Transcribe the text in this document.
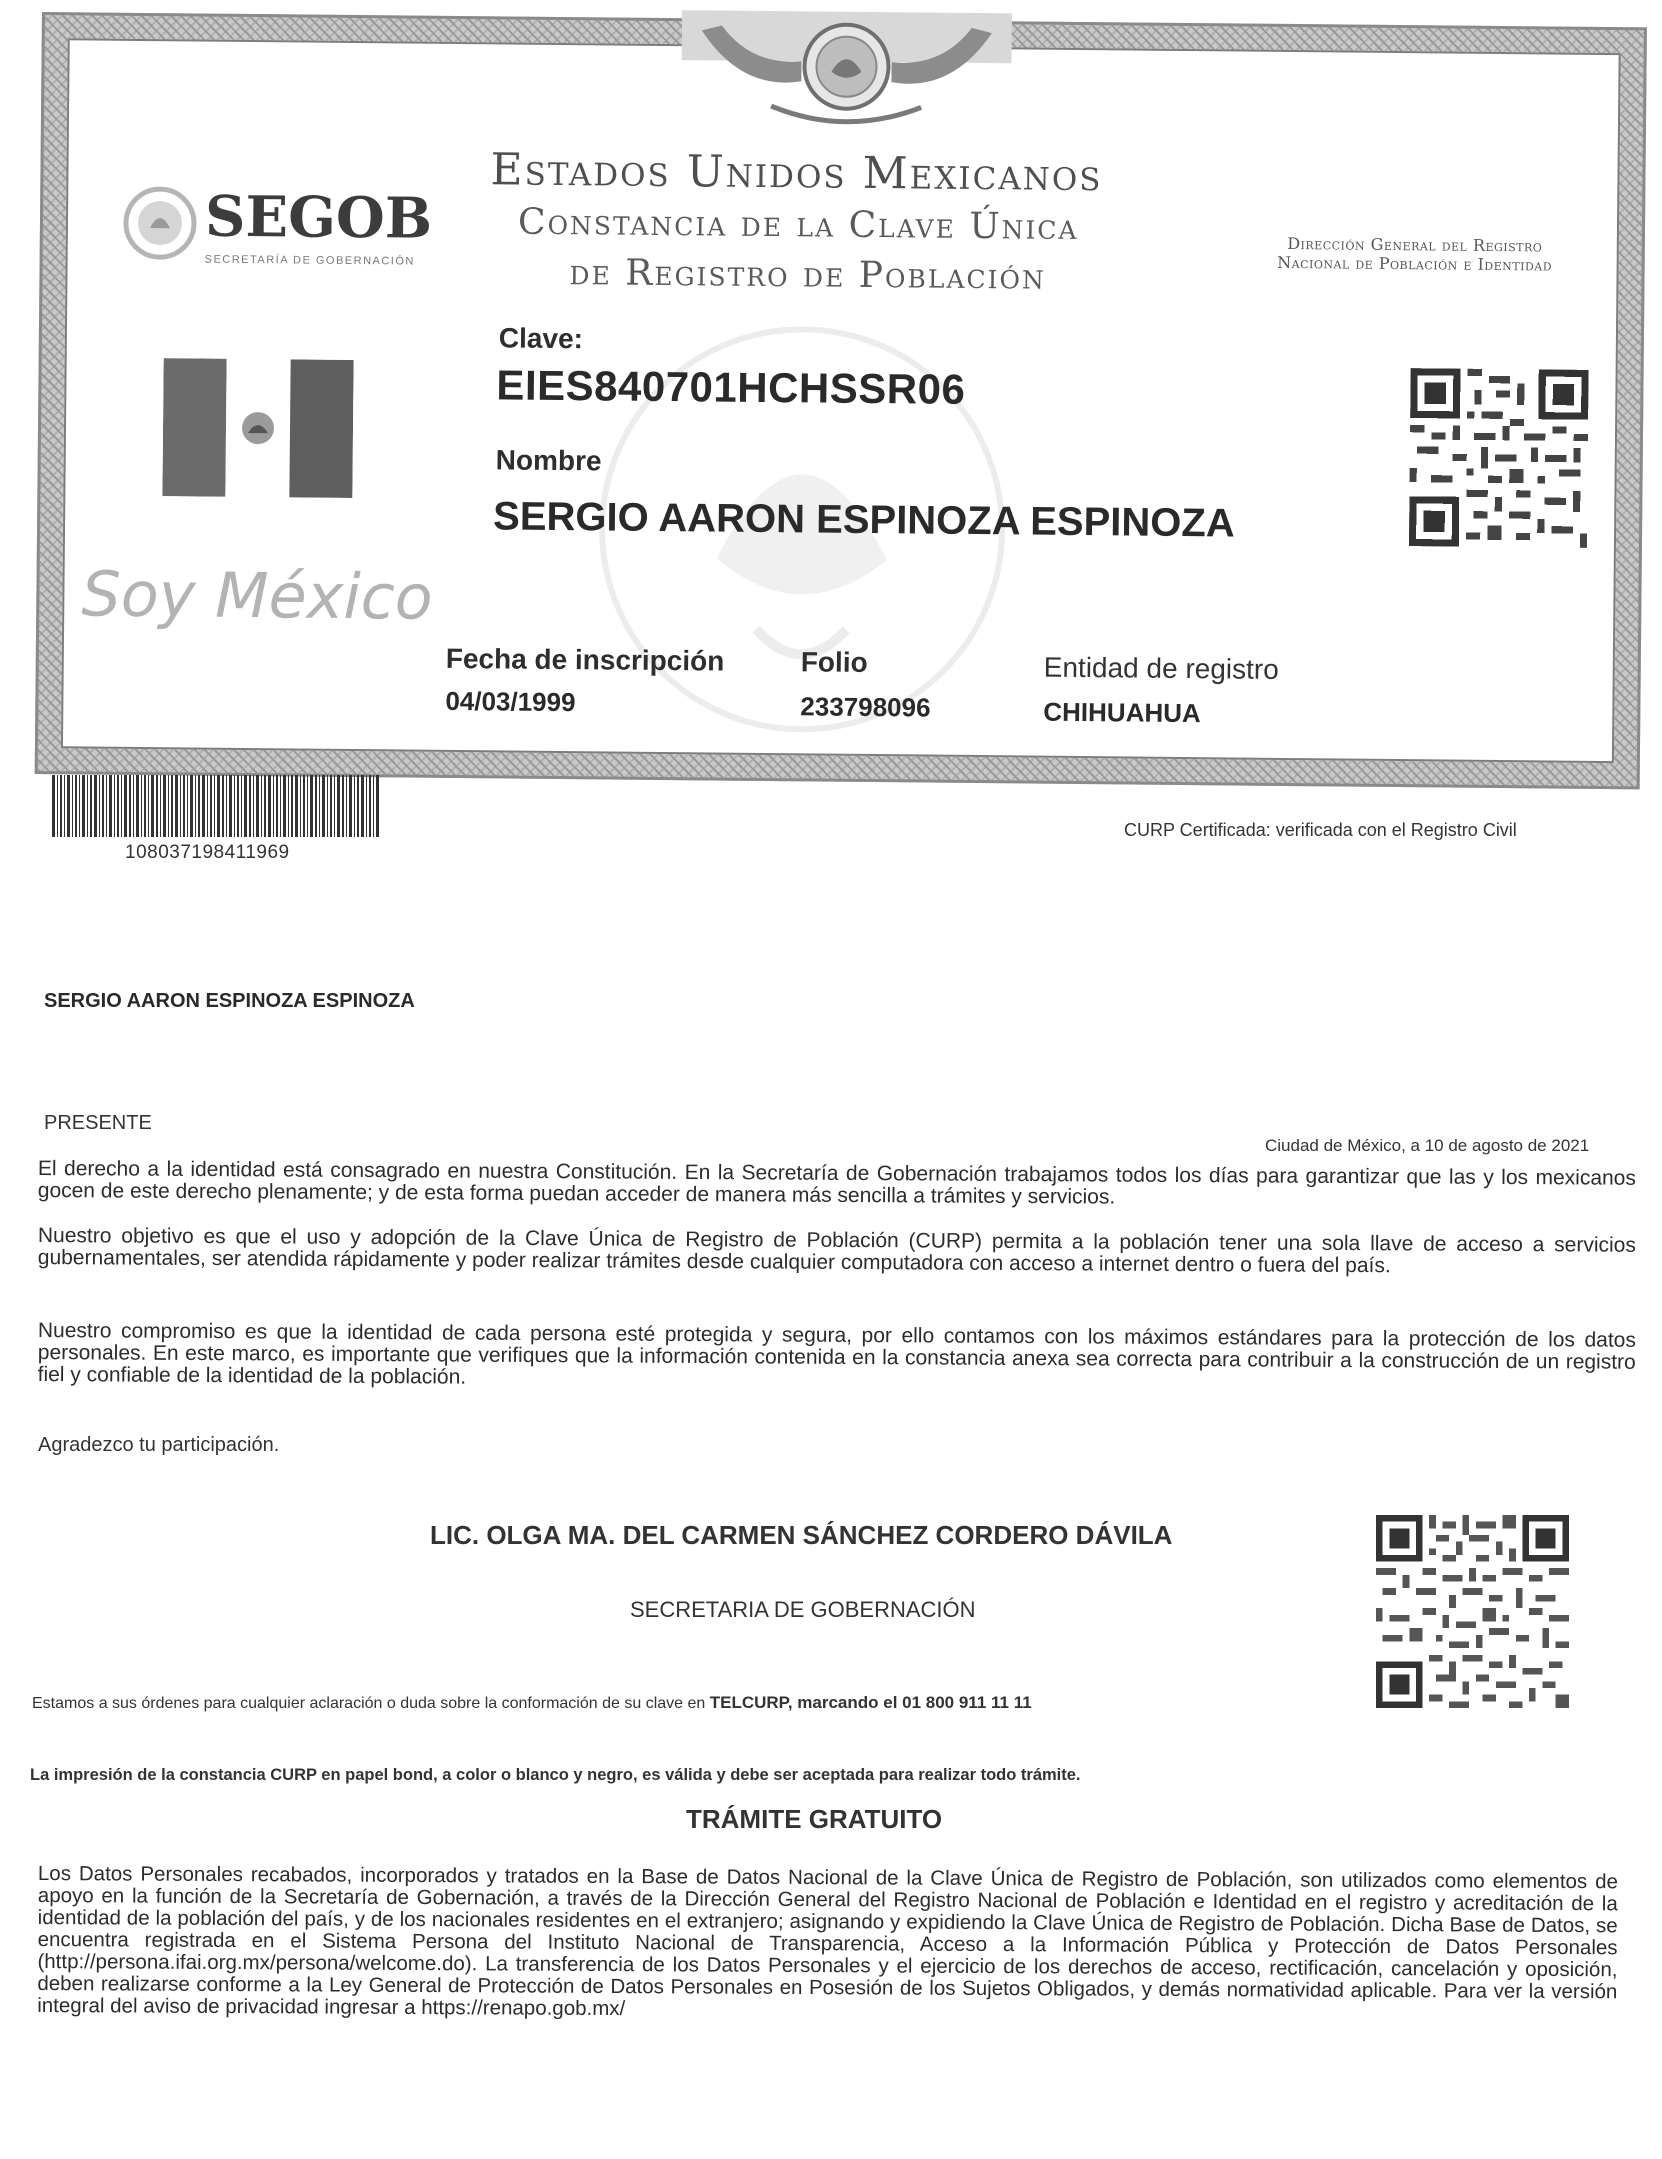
Estados Unidos Mexicanos
Constancia de la Clave Única
de Registro de Población
Dirección General del Registro Nacional de Población e Identidad
SEGOB
SECRETARÍA DE GOBERNACIÓN
Soy México
Clave:
EIES840701HCHSSR06
Nombre
SERGIO AARON ESPINOZA ESPINOZA
Fecha de inscripción
04/03/1999
Folio
233798096
Entidad de registro
CHIHUAHUA
108037198411969
CURP Certificada: verificada con el Registro Civil
SERGIO AARON ESPINOZA ESPINOZA
PRESENTE
Ciudad de México, a 10 de agosto de 2021
El derecho a la identidad está consagrado en nuestra Constitución. En la Secretaría de Gobernación trabajamos todos los días para garantizar que las y los mexicanos gocen de este derecho plenamente; y de esta forma puedan acceder de manera más sencilla a trámites y servicios.
Nuestro objetivo es que el uso y adopción de la Clave Única de Registro de Población (CURP) permita a la población tener una sola llave de acceso a servicios gubernamentales, ser atendida rápidamente y poder realizar trámites desde cualquier computadora con acceso a internet dentro o fuera del país.
Nuestro compromiso es que la identidad de cada persona esté protegida y segura, por ello contamos con los máximos estándares para la protección de los datos personales. En este marco, es importante que verifiques que la información contenida en la constancia anexa sea correcta para contribuir a la construcción de un registro fiel y confiable de la identidad de la población.
Agradezco tu participación.
LIC. OLGA MA. DEL CARMEN SÁNCHEZ CORDERO DÁVILA
SECRETARIA DE GOBERNACIÓN
Estamos a sus órdenes para cualquier aclaración o duda sobre la conformación de su clave en TELCURP, marcando el 01 800 911 11 11
La impresión de la constancia CURP en papel bond, a color o blanco y negro, es válida y debe ser aceptada para realizar todo trámite.
TRÁMITE GRATUITO
Los Datos Personales recabados, incorporados y tratados en la Base de Datos Nacional de la Clave Única de Registro de Población, son utilizados como elementos de apoyo en la función de la Secretaría de Gobernación, a través de la Dirección General del Registro Nacional de Población e Identidad en el registro y acreditación de la identidad de la población del país, y de los nacionales residentes en el extranjero; asignando y expidiendo la Clave Única de Registro de Población. Dicha Base de Datos, se encuentra registrada en el Sistema Persona del Instituto Nacional de Transparencia, Acceso a la Información Pública y Protección de Datos Personales (http://persona.ifai.org.mx/persona/welcome.do). La transferencia de los Datos Personales y el ejercicio de los derechos de acceso, rectificación, cancelación y oposición, deben realizarse conforme a la Ley General de Protección de Datos Personales en Posesión de los Sujetos Obligados, y demás normatividad aplicable. Para ver la versión integral del aviso de privacidad ingresar a https://renapo.gob.mx/
